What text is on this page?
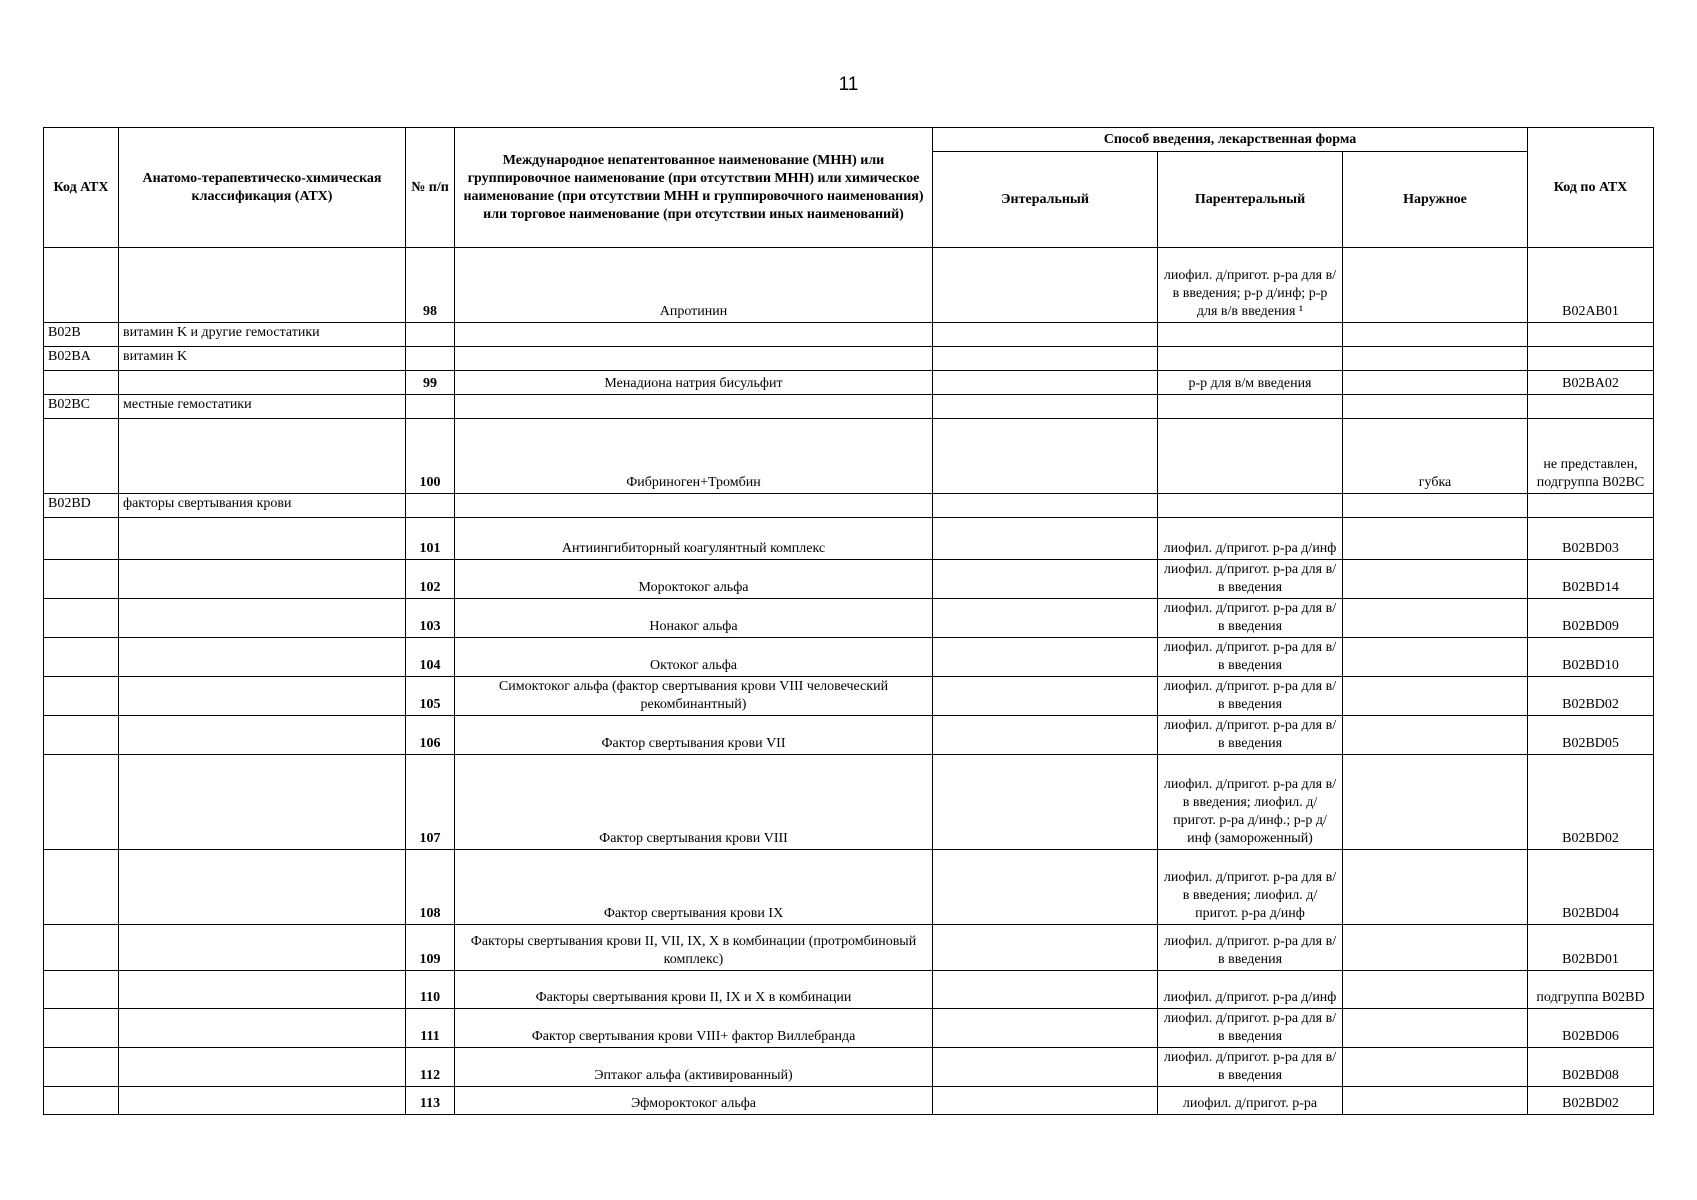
11
Код АТХ	Анатомо-терапевтическо-химическая классификация (АТХ)	№ п/п	Международное непатентованное наименование (МНН) или группировочное наименование (при отсутствии МНН) или химическое наименование (при отсутствии МНН и группировочного наименования) или торговое наименование (при отсутствии иных наименований)	Способ введения, лекарственная форма			Код по АТХ
				Энтеральный	Парентеральный	Наружное	
		98	Апротинин		лиофил. д/пригот. р-ра для в/в введения; р-р д/инф; р-р для в/в введения ¹		B02AB01
B02B	витамин K и другие гемостатики						
B02BA	витамин K						
		99	Менадиона натрия бисульфит		р-р для в/м введения		B02BA02
B02BC	местные гемостатики						
		100	Фибриноген+Тромбин			губка	не представлен, подгруппа B02BC
B02BD	факторы свертывания крови						
		101	Антиингибиторный коагулянтный комплекс		лиофил. д/пригот. р-ра д/инф		B02BD03
		102	Мороктоког альфа		лиофил. д/пригот. р-ра для в/в введения		B02BD14
		103	Нонаког альфа		лиофил. д/пригот. р-ра для в/в введения		B02BD09
		104	Октоког альфа		лиофил. д/пригот. р-ра для в/в введения		B02BD10
		105	Симоктоког альфа (фактор свертывания крови VIII человеческий рекомбинантный)		лиофил. д/пригот. р-ра для в/в введения		B02BD02
		106	Фактор свертывания крови VII		лиофил. д/пригот. р-ра для в/в введения		B02BD05
		107	Фактор свертывания крови VIII		лиофил. д/пригот. р-ра для в/в введения; лиофил. д/пригот. р-ра д/инф.; р-р д/инф (замороженный)		B02BD02
		108	Фактор свертывания крови IX		лиофил. д/пригот. р-ра для в/в введения; лиофил. д/пригот. р-ра д/инф		B02BD04
		109	Факторы свертывания крови II, VII, IX, X в комбинации (протромбиновый комплекс)		лиофил. д/пригот. р-ра для в/в введения		B02BD01
		110	Факторы свертывания крови II, IX и X в комбинации		лиофил. д/пригот. р-ра д/инф		подгруппа B02BD
		111	Фактор свертывания крови VIII+ фактор Виллебранда		лиофил. д/пригот. р-ра для в/в введения		B02BD06
		112	Эптаког альфа (активированный)		лиофил. д/пригот. р-ра для в/в введения		B02BD08
		113	Эфмороктоког альфа		лиофил. д/пригот. р-ра		B02BD02
